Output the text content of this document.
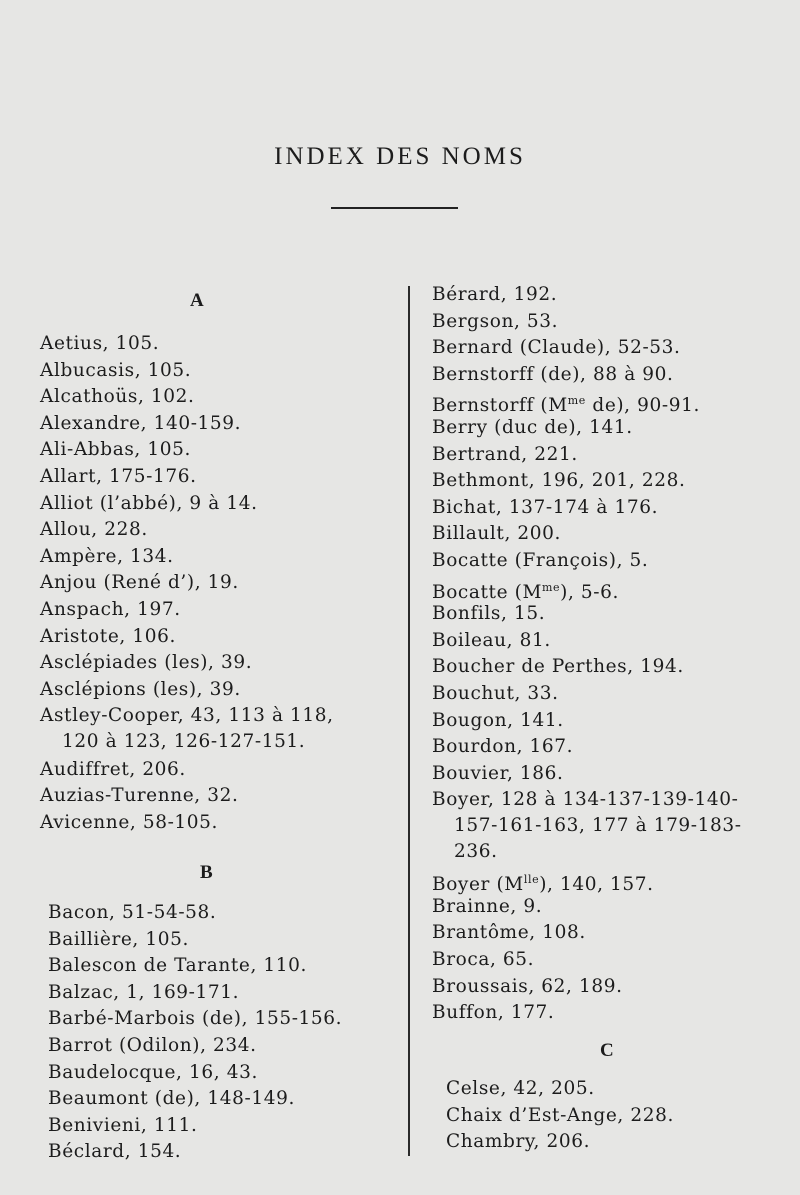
INDEX DES NOMS
A
Aetius, 105.
Albucasis, 105.
Alcathoüs, 102.
Alexandre, 140-159.
Ali-Abbas, 105.
Allart, 175-176.
Alliot (l’abbé), 9 à 14.
Allou, 228.
Ampère, 134.
Anjou (René d’), 19.
Anspach, 197.
Aristote, 106.
Asclépiades (les), 39.
Asclépions (les), 39.
Astley-Cooper, 43, 113 à 118,
120 à 123, 126-127-151.
Audiffret, 206.
Auzias-Turenne, 32.
Avicenne, 58-105.
B
Bacon, 51-54-58.
Baillière, 105.
Balescon de Tarante, 110.
Balzac, 1, 169-171.
Barbé-Marbois (de), 155-156.
Barrot (Odilon), 234.
Baudelocque, 16, 43.
Beaumont (de), 148-149.
Benivieni, 111.
Béclard, 154.
Bérard, 192.
Bergson, 53.
Bernard (Claude), 52-53.
Bernstorff (de), 88 à 90.
Bernstorff ($M^{me}$ de), 90-91.
Berry (duc de), 141.
Bertrand, 221.
Bethmont, 196, 201, 228.
Bichat, 137-174 à 176.
Billault, 200.
Bocatte (François), 5.
Bocatte $(M^{me})$, 5-6.
Bonfils, 15.
Boileau, 81.
Boucher de Perthes, 194.
Bouchut, 33.
Bougon, 141.
Bourdon, 167.
Bouvier, 186.
Boyer, 128 à 134-137-139-140-
157-161-163, 177 à 179-183-
236.
Boyer $(M^{lle})$, 140, 157.
Brainne, 9.
Brantôme, 108.
Broca, 65.
Broussais, 62, 189.
Buffon, 177.
C
Celse, 42, 205.
Chaix d’Est-Ange, 228.
Chambry, 206.
